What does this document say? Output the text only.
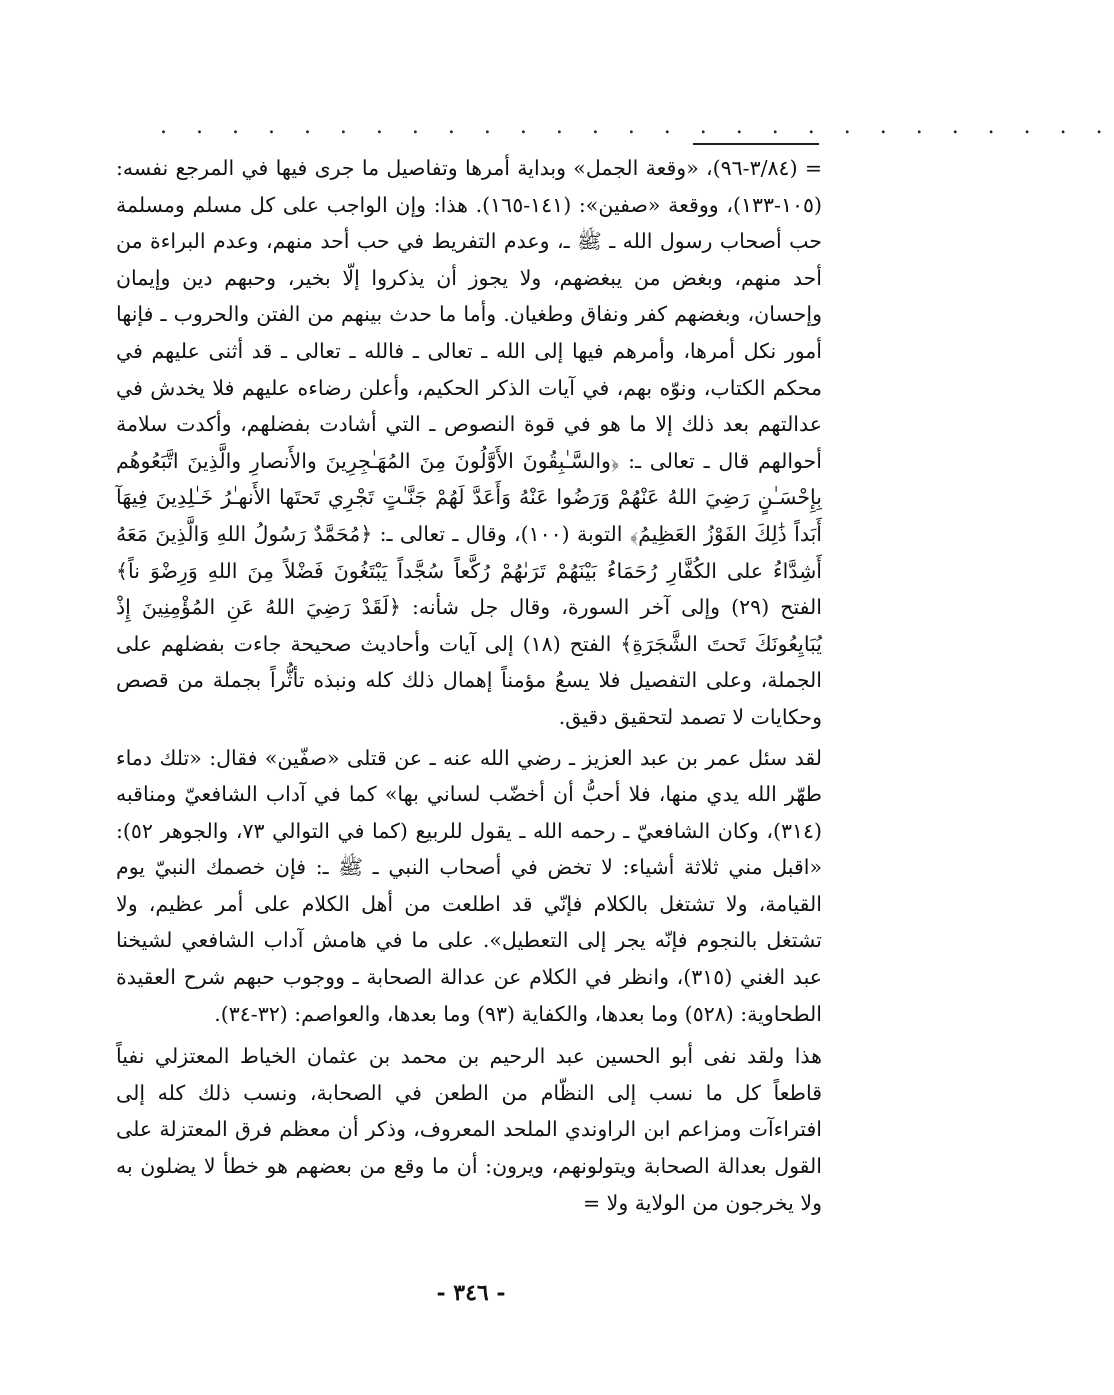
. . . . . . . . . . . . . . . . . . . . . . . . . . .

= (٣/٨٤-٩٦)، «وقعة الجمل» وبداية أمرها وتفاصيل ما جرى فيها في المرجع نفسه: (١٠٥-١٣٣)، ووقعة «صفين»: (١٤١-١٦٥). هذا: وإن الواجب على كل مسلم ومسلمة حب أصحاب رسول الله ـ ﷺ ـ، وعدم التفريط في حب أحد منهم، وعدم البراءة من أحد منهم، وبغض من يبغضهم، ولا يجوز أن يذكروا إلّا بخير، وحبهم دين وإيمان وإحسان، وبغضهم كفر ونفاق وطغيان. وأما ما حدث بينهم من الفتن والحروب ـ فإنها أمور نكل أمرها، وأمرهم فيها إلى الله ـ تعالى ـ فالله ـ تعالى ـ قد أثنى عليهم في محكم الكتاب، ونوّه بهم، في آيات الذكر الحكيم، وأعلن رضاءه عليهم فلا يخدش في عدالتهم بعد ذلك إلا ما هو في قوة النصوص ـ التي أشادت بفضلهم، وأكدت سلامة أحوالهم قال ـ تعالى ـ: ﴿والسَّـٰبِقُونَ الأَوَّلُونَ مِنَ المُهَـٰجِرِينَ والأَنصارِ والَّذِينَ اتَّبَعُوهُم بِإِحْسَـٰنٍ رَضِيَ اللهُ عَنْهُمْ وَرَضُوا عَنْهُ وَأَعَدَّ لَهُمْ جَنَّـٰتٍ تَجْرِي تَحتَها الأَنهـٰرُ خَـٰلِدِينَ فِيهَآ أَبَداً ذَٰلِكَ الفَوْزُ العَظِيمُ﴾ التوبة (١٠٠)، وقال ـ تعالى ـ: ﴿مُحَمَّدٌ رَسُولُ اللهِ وَالَّذِينَ مَعَهُ أَشِدَّاءُ على الكُفَّارِ رُحَمَاءُ بَيْنَهُمْ تَرَىٰهُمْ رُكَّعاً سُجَّداً يَبْتَغُونَ فَضْلاً مِنَ اللهِ وَرِضْوَ ناً﴾ الفتح (٢٩) وإلى آخر السورة، وقال جل شأنه: ﴿لَقَدْ رَضِيَ اللهُ عَنِ المُؤْمِنِينَ إِذْ يُبَايِعُونَكَ تَحتَ الشَّجَرَةِ﴾ الفتح (١٨) إلى آيات وأحاديث صحيحة جاءت بفضلهم على الجملة، وعلى التفصيل فلا يسعُ مؤمناً إهمال ذلك كله ونبذه تأثُّراً بجملة من قصص وحكايات لا تصمد لتحقيق دقيق.

لقد سئل عمر بن عبد العزيز ـ رضي الله عنه ـ عن قتلى «صفّين» فقال: «تلك دماء طهّر الله يدي منها، فلا أحبُّ أن أخضّب لساني بها» كما في آداب الشافعيّ ومناقبه (٣١٤)، وكان الشافعيّ ـ رحمه الله ـ يقول للربيع (كما في التوالي ٧٣، والجوهر ٥٢): «اقبل مني ثلاثة أشياء: لا تخض في أصحاب النبي ـ ﷺ ـ: فإن خصمك النبيّ يوم القيامة، ولا تشتغل بالكلام فإنّي قد اطلعت من أهل الكلام على أمر عظيم، ولا تشتغل بالنجوم فإنّه يجر إلى التعطيل». على ما في هامش آداب الشافعي لشيخنا عبد الغني (٣١٥)، وانظر في الكلام عن عدالة الصحابة ـ ووجوب حبهم شرح العقيدة الطحاوية: (٥٢٨) وما بعدها، والكفاية (٩٣) وما بعدها، والعواصم: (٣٢-٣٤).

هذا ولقد نفى أبو الحسين عبد الرحيم بن محمد بن عثمان الخياط المعتزلي نفياً قاطعاً كل ما نسب إلى النظّام من الطعن في الصحابة، ونسب ذلك كله إلى افتراءآت ومزاعم ابن الراوندي الملحد المعروف، وذكر أن معظم فرق المعتزلة على القول بعدالة الصحابة ويتولونهم، ويرون: أن ما وقع من بعضهم هو خطأ لا يضلون به ولا يخرجون من الولاية ولا =

- ٣٤٦ -
